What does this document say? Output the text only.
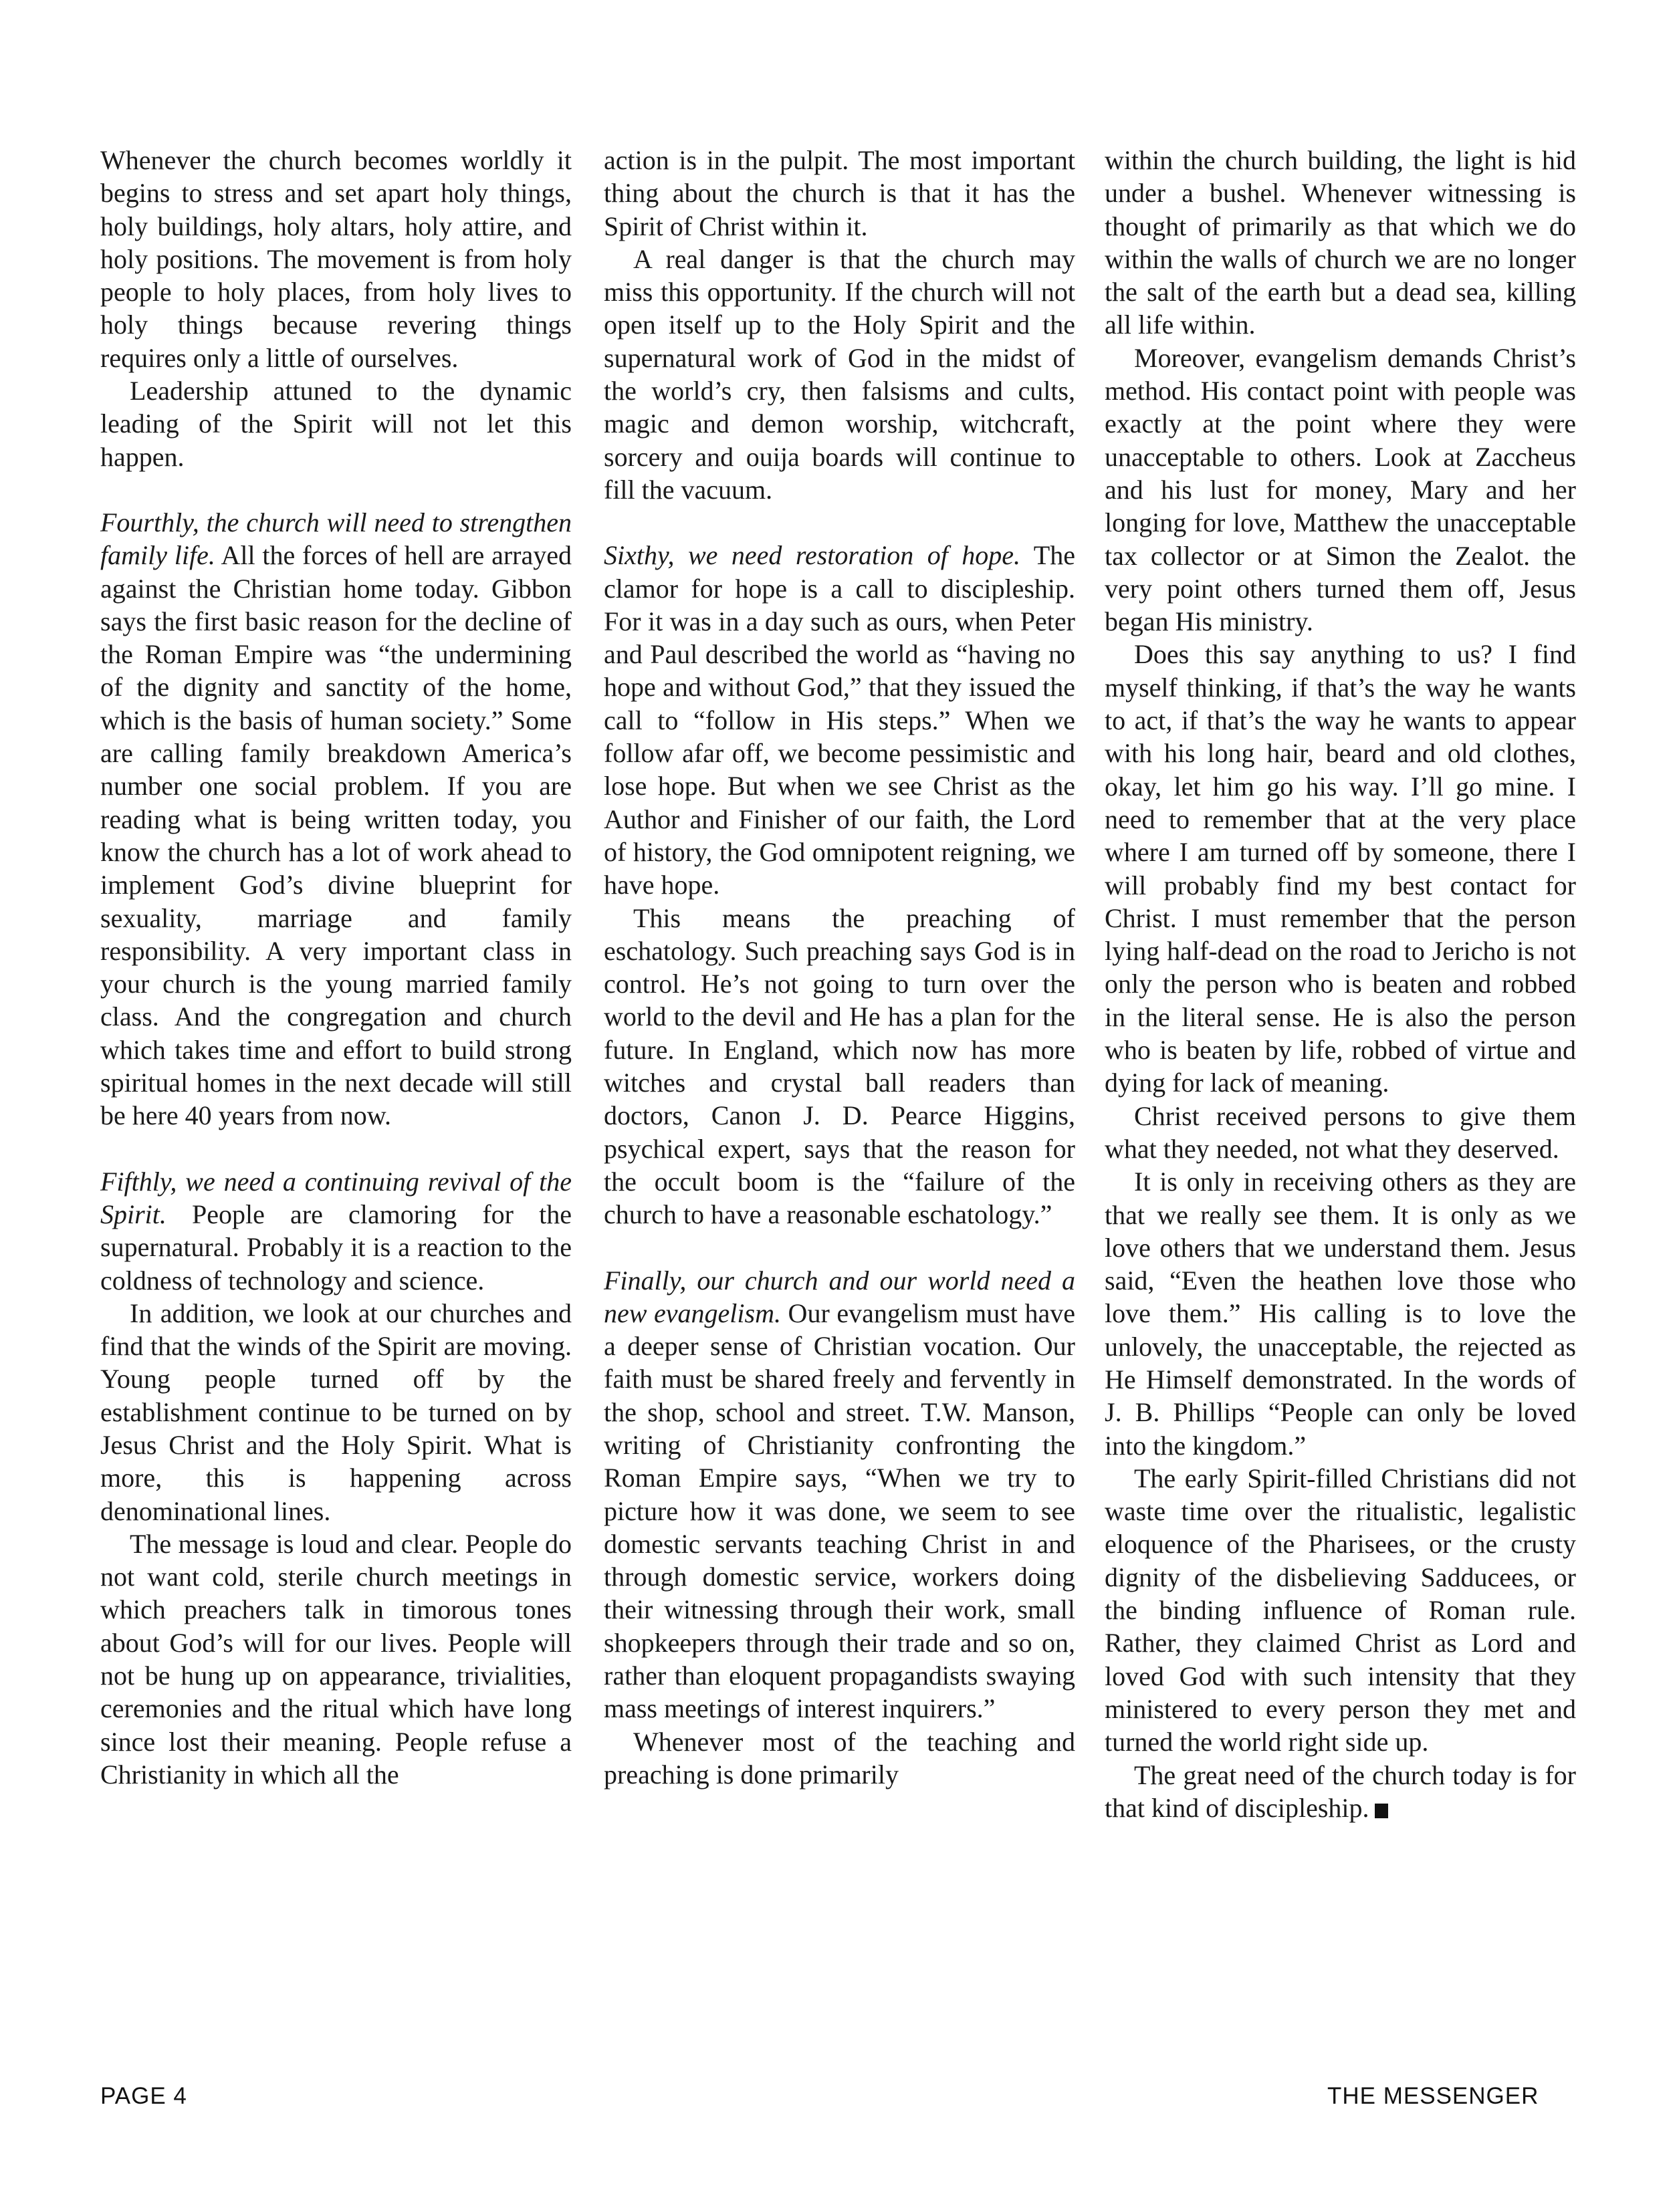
Whenever the church becomes worldly it begins to stress and set apart holy things, holy buildings, holy altars, holy attire, and holy positions. The movement is from holy people to holy places, from holy lives to holy things because revering things requires only a little of ourselves.

Leadership attuned to the dynamic leading of the Spirit will not let this happen.

Fourthly, the church will need to strengthen family life. All the forces of hell are arrayed against the Christian home today. Gibbon says the first basic reason for the decline of the Roman Empire was “the undermining of the dignity and sanctity of the home, which is the basis of human society.” Some are calling family breakdown America’s number one social problem. If you are reading what is being written today, you know the church has a lot of work ahead to implement God’s divine blueprint for sexuality, marriage and family responsibility. A very important class in your church is the young married family class. And the congregation and church which takes time and effort to build strong spiritual homes in the next decade will still be here 40 years from now.

Fifthly, we need a continuing revival of the Spirit. People are clamoring for the supernatural. Probably it is a reaction to the coldness of technology and science.

In addition, we look at our churches and find that the winds of the Spirit are moving. Young people turned off by the establishment continue to be turned on by Jesus Christ and the Holy Spirit. What is more, this is happening across denominational lines.

The message is loud and clear. People do not want cold, sterile church meetings in which preachers talk in timorous tones about God’s will for our lives. People will not be hung up on appearance, trivialities, ceremonies and the ritual which have long since lost their meaning. People refuse a Christianity in which all the

action is in the pulpit. The most important thing about the church is that it has the Spirit of Christ within it.

A real danger is that the church may miss this opportunity. If the church will not open itself up to the Holy Spirit and the supernatural work of God in the midst of the world’s cry, then falsisms and cults, magic and demon worship, witchcraft, sorcery and ouija boards will continue to fill the vacuum.

Sixthy, we need restoration of hope. The clamor for hope is a call to discipleship. For it was in a day such as ours, when Peter and Paul described the world as “having no hope and without God,” that they issued the call to “follow in His steps.” When we follow afar off, we become pessimistic and lose hope. But when we see Christ as the Author and Finisher of our faith, the Lord of history, the God omnipotent reigning, we have hope.

This means the preaching of eschatology. Such preaching says God is in control. He’s not going to turn over the world to the devil and He has a plan for the future. In England, which now has more witches and crystal ball readers than doctors, Canon J. D. Pearce Higgins, psychical expert, says that the reason for the occult boom is the “failure of the church to have a reasonable eschatology.”

Finally, our church and our world need a new evangelism. Our evangelism must have a deeper sense of Christian vocation. Our faith must be shared freely and fervently in the shop, school and street. T.W. Manson, writing of Christianity confronting the Roman Empire says, “When we try to picture how it was done, we seem to see domestic servants teaching Christ in and through domestic service, workers doing their witnessing through their work, small shopkeepers through their trade and so on, rather than eloquent propagandists swaying mass meetings of interest inquirers.”

Whenever most of the teaching and preaching is done primarily

within the church building, the light is hid under a bushel. Whenever witnessing is thought of primarily as that which we do within the walls of church we are no longer the salt of the earth but a dead sea, killing all life within.

Moreover, evangelism demands Christ’s method. His contact point with people was exactly at the point where they were unacceptable to others. Look at Zaccheus and his lust for money, Mary and her longing for love, Matthew the unacceptable tax collector or at Simon the Zealot. the very point others turned them off, Jesus began His ministry.

Does this say anything to us? I find myself thinking, if that’s the way he wants to act, if that’s the way he wants to appear with his long hair, beard and old clothes, okay, let him go his way. I’ll go mine. I need to remember that at the very place where I am turned off by someone, there I will probably find my best contact for Christ. I must remember that the person lying half-dead on the road to Jericho is not only the person who is beaten and robbed in the literal sense. He is also the person who is beaten by life, robbed of virtue and dying for lack of meaning.

Christ received persons to give them what they needed, not what they deserved.

It is only in receiving others as they are that we really see them. It is only as we love others that we understand them. Jesus said, “Even the heathen love those who love them.” His calling is to love the unlovely, the unacceptable, the rejected as He Himself demonstrated. In the words of J. B. Phillips “People can only be loved into the kingdom.”

The early Spirit-filled Christians did not waste time over the ritualistic, legalistic eloquence of the Pharisees, or the crusty dignity of the disbelieving Sadducees, or the binding influence of Roman rule. Rather, they claimed Christ as Lord and loved God with such intensity that they ministered to every person they met and turned the world right side up.

The great need of the church today is for that kind of discipleship.

PAGE 4	THE MESSENGER
